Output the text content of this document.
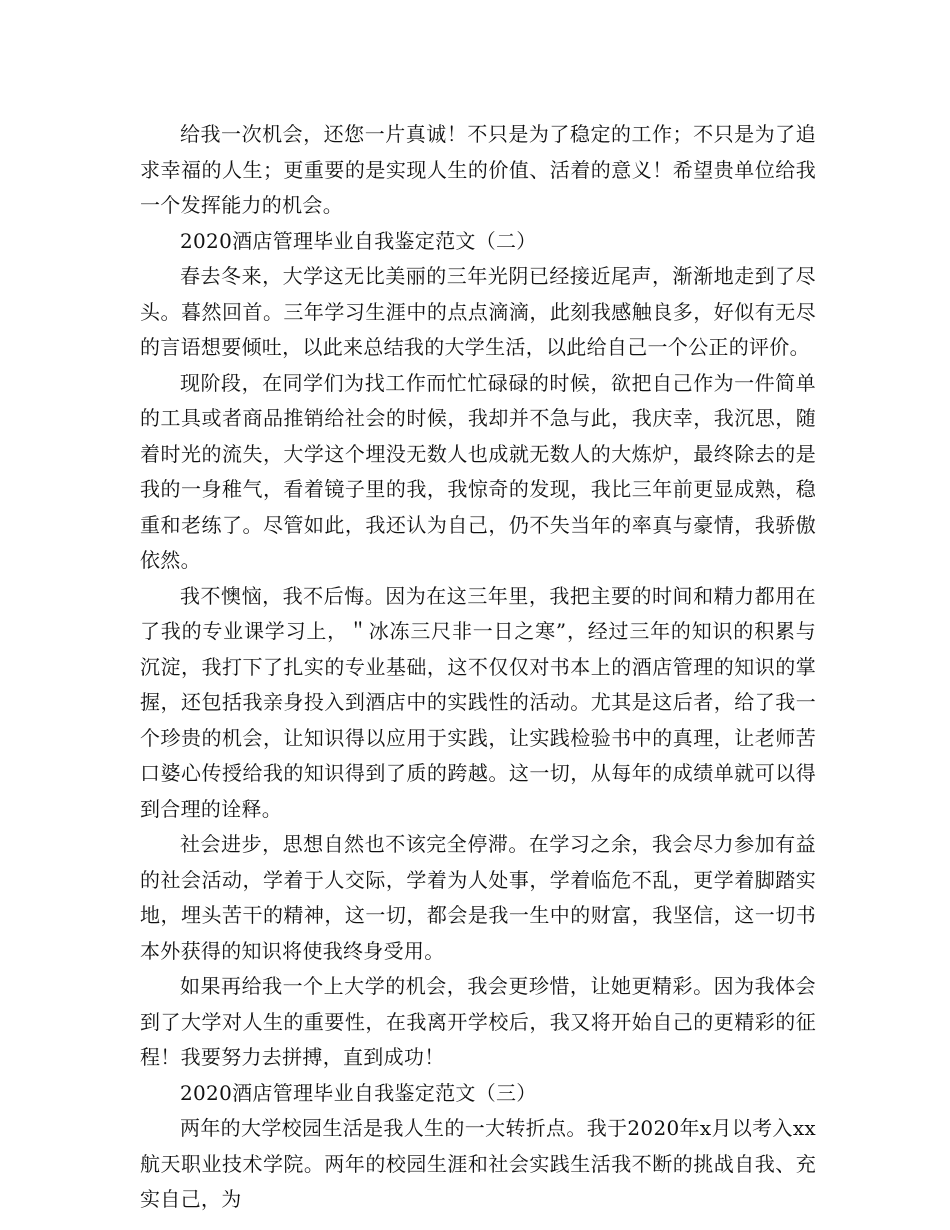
给我一次机会，还您一片真诚！不只是为了稳定的工作；不只是为了追求幸福的人生；更重要的是实现人生的价值、活着的意义！希望贵单位给我一个发挥能力的机会。

2020酒店管理毕业自我鉴定范文（二）

春去冬来，大学这无比美丽的三年光阴已经接近尾声，渐渐地走到了尽头。暮然回首。三年学习生涯中的点点滴滴，此刻我感触良多，好似有无尽的言语想要倾吐，以此来总结我的大学生活，以此给自己一个公正的评价。

现阶段，在同学们为找工作而忙忙碌碌的时候，欲把自己作为一件简单的工具或者商品推销给社会的时候，我却并不急与此，我庆幸，我沉思，随着时光的流失，大学这个埋没无数人也成就无数人的大炼炉，最终除去的是我的一身稚气，看着镜子里的我，我惊奇的发现，我比三年前更显成熟，稳重和老练了。尽管如此，我还认为自己，仍不失当年的率真与豪情，我骄傲依然。

我不懊恼，我不后悔。因为在这三年里，我把主要的时间和精力都用在了我的专业课学习上，＂冰冻三尺非一日之寒”，经过三年的知识的积累与沉淀，我打下了扎实的专业基础，这不仅仅对书本上的酒店管理的知识的掌握，还包括我亲身投入到酒店中的实践性的活动。尤其是这后者，给了我一个珍贵的机会，让知识得以应用于实践，让实践检验书中的真理，让老师苦口婆心传授给我的知识得到了质的跨越。这一切，从每年的成绩单就可以得到合理的诠释。

社会进步，思想自然也不该完全停滞。在学习之余，我会尽力参加有益的社会活动，学着于人交际，学着为人处事，学着临危不乱，更学着脚踏实地，埋头苦干的精神，这一切，都会是我一生中的财富，我坚信，这一切书本外获得的知识将使我终身受用。

如果再给我一个上大学的机会，我会更珍惜，让她更精彩。因为我体会到了大学对人生的重要性，在我离开学校后，我又将开始自己的更精彩的征程！我要努力去拼搏，直到成功！

2020酒店管理毕业自我鉴定范文（三）

两年的大学校园生活是我人生的一大转折点。我于2020年x月以考入xx航天职业技术学院。两年的校园生涯和社会实践生活我不断的挑战自我、充实自己，为
